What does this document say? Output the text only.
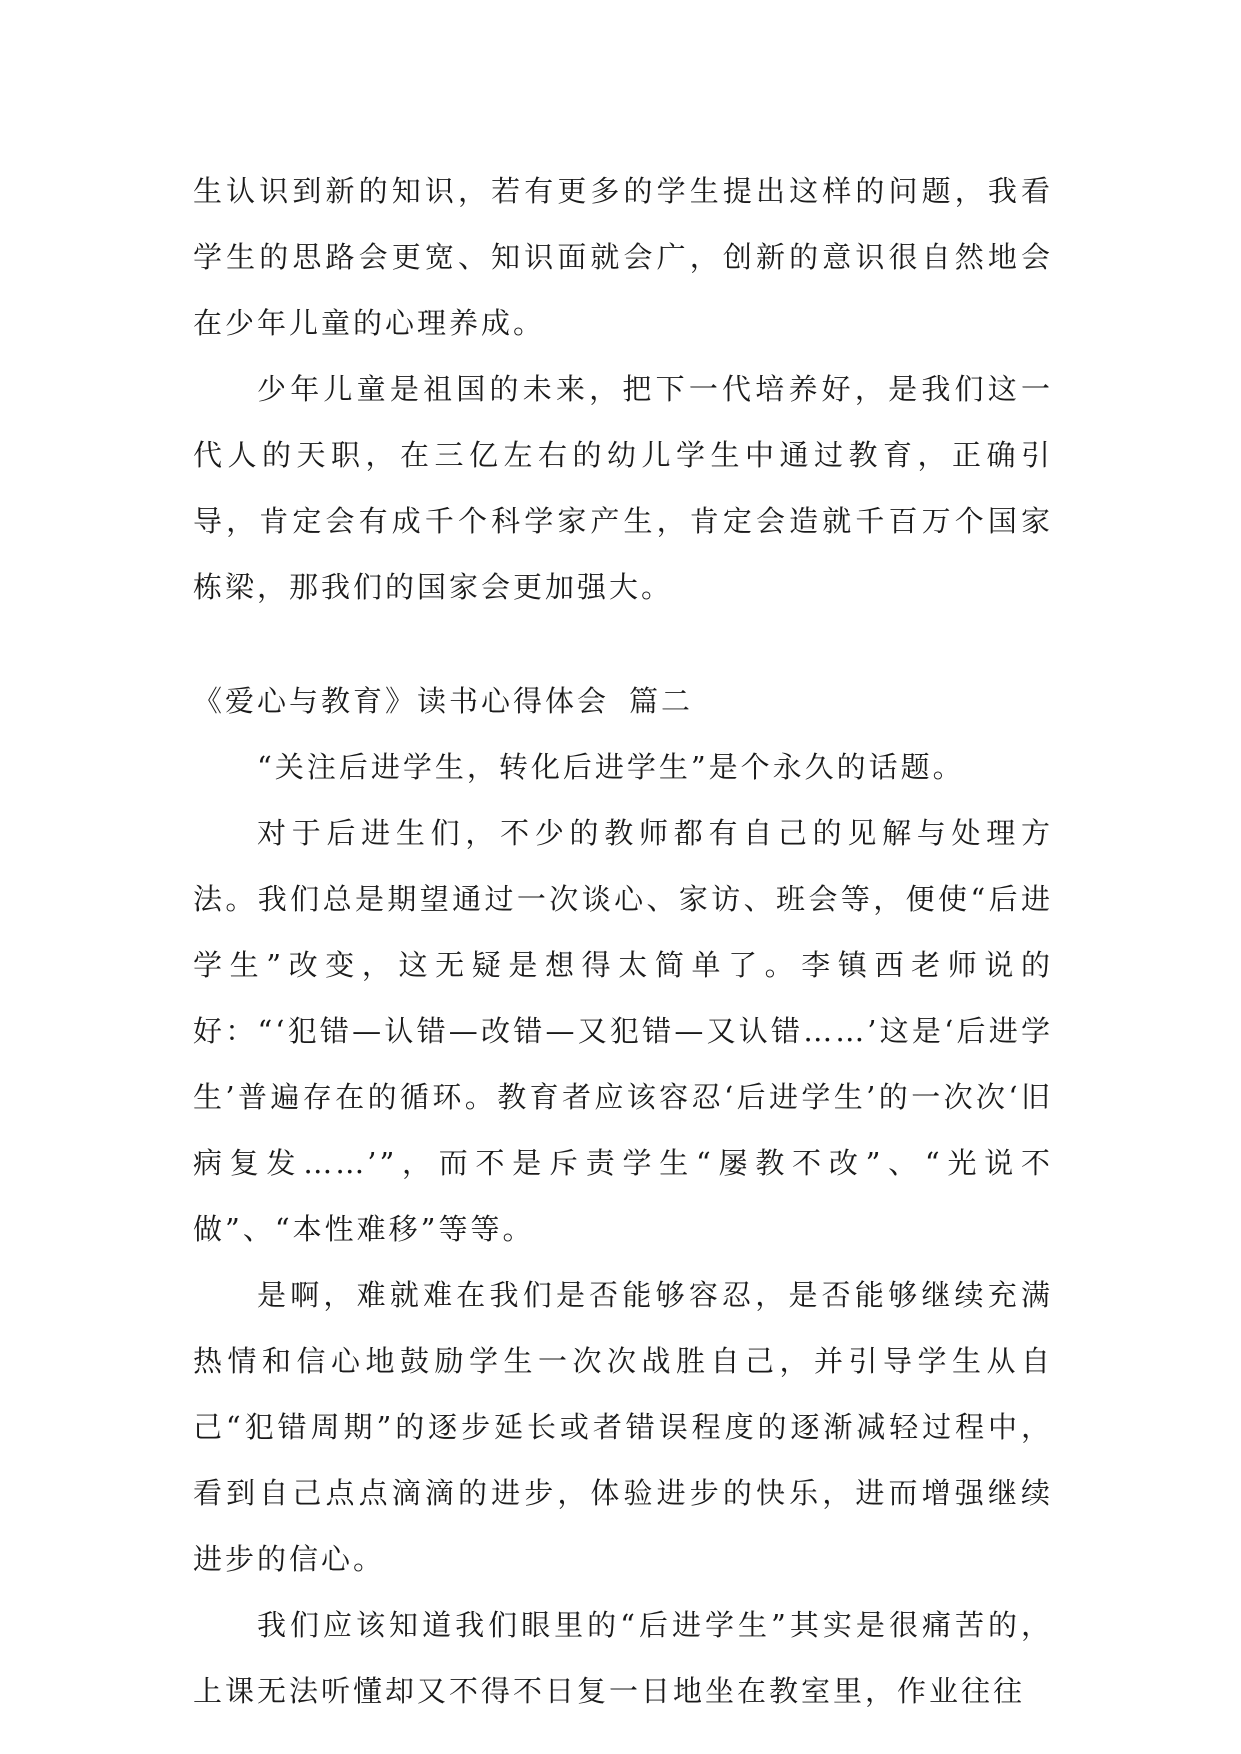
生认识到新的知识，若有更多的学生提出这样的问题，我看学生的思路会更宽、知识面就会广，创新的意识很自然地会在少年儿童的心理养成。

少年儿童是祖国的未来，把下一代培养好，是我们这一代人的天职，在三亿左右的幼儿学生中通过教育，正确引导，肯定会有成千个科学家产生，肯定会造就千百万个国家栋梁，那我们的国家会更加强大。

《爱心与教育》读书心得体会 篇二

“关注后进学生，转化后进学生”是个永久的话题。

对于后进生们，不少的教师都有自己的见解与处理方法。我们总是期望通过一次谈心、家访、班会等，便使“后进学生”改变，这无疑是想得太简单了。李镇西老师说的好：“‘犯错—认错—改错—又犯错—又认错……’这是‘后进学生’普遍存在的循环。教育者应该容忍‘后进学生’的一次次‘旧病复发……’”，而不是斥责学生“屡教不改”、“光说不做”、“本性难移”等等。

是啊，难就难在我们是否能够容忍，是否能够继续充满热情和信心地鼓励学生一次次战胜自己，并引导学生从自己“犯错周期”的逐步延长或者错误程度的逐渐减轻过程中，看到自己点点滴滴的进步，体验进步的快乐，进而增强继续进步的信心。

我们应该知道我们眼里的“后进学生”其实是很痛苦的，上课无法听懂却又不得不日复一日地坐在教室里，作业往往
